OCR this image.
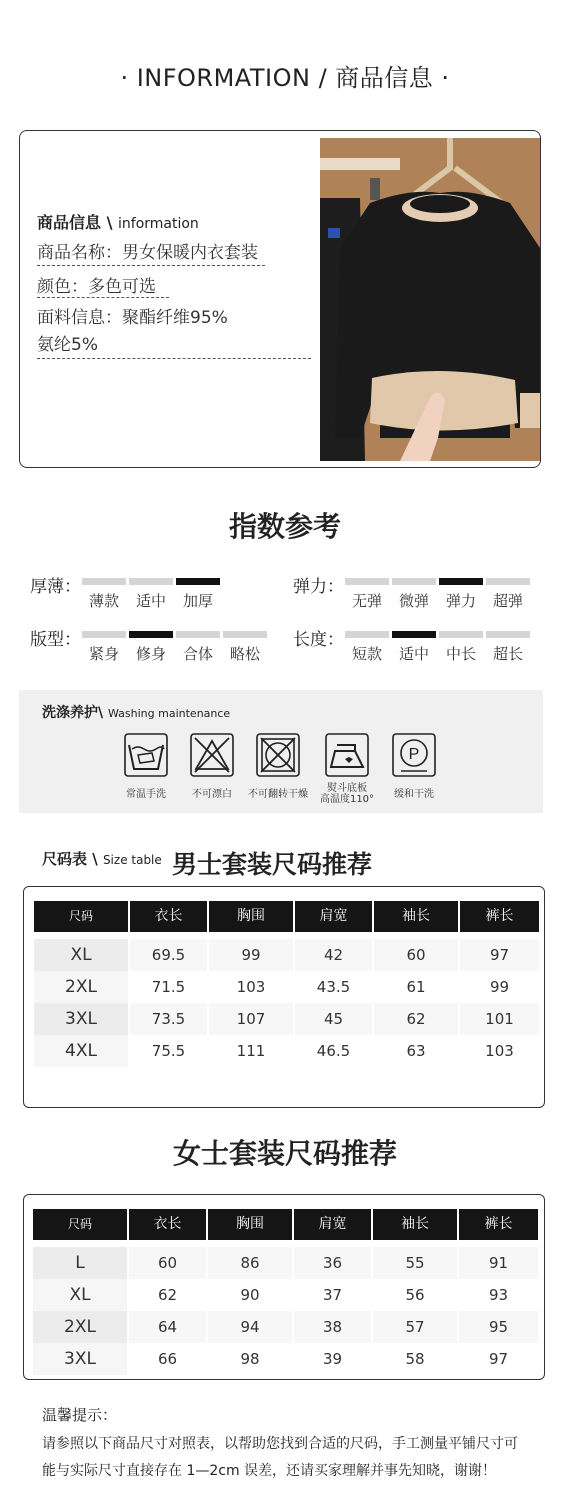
· INFORMATION / 商品信息 ·
商品信息 \ information
商品名称：男女保暖内衣套装
颜色：多色可选
面料信息：聚酯纤维95%
氨纶5%
指数参考
厚薄：
薄款	适中	加厚
弹力：
无弹	微弹	弹力	超弹
版型：
紧身	修身	合体	略松
长度：
短款	适中	中长	超长
洗涤养护\ Washing maintenance
P
常温手洗	不可漂白	不可翻转干燥
熨斗底板
高温度110°	缓和干洗
尺码表 \ Size table 男士套装尺码推荐
尺码	衣长	胸围	肩宽	袖长	裤长
XL	69.5	99	42	60	97
2XL	71.5	103	43.5	61	99
3XL	73.5	107	45	62	101
4XL	75.5	111	46.5	63	103
女士套装尺码推荐
尺码	衣长	胸围	肩宽	袖长	裤长
L	60	86	36	55	91
XL	62	90	37	56	93
2XL	64	94	38	57	95
3XL	66	98	39	58	97
温馨提示：
请参照以下商品尺寸对照表，以帮助您找到合适的尺码，手工测量平铺尺寸可
能与实际尺寸直接存在 1—2cm 误差，还请买家理解并事先知晓，谢谢！
